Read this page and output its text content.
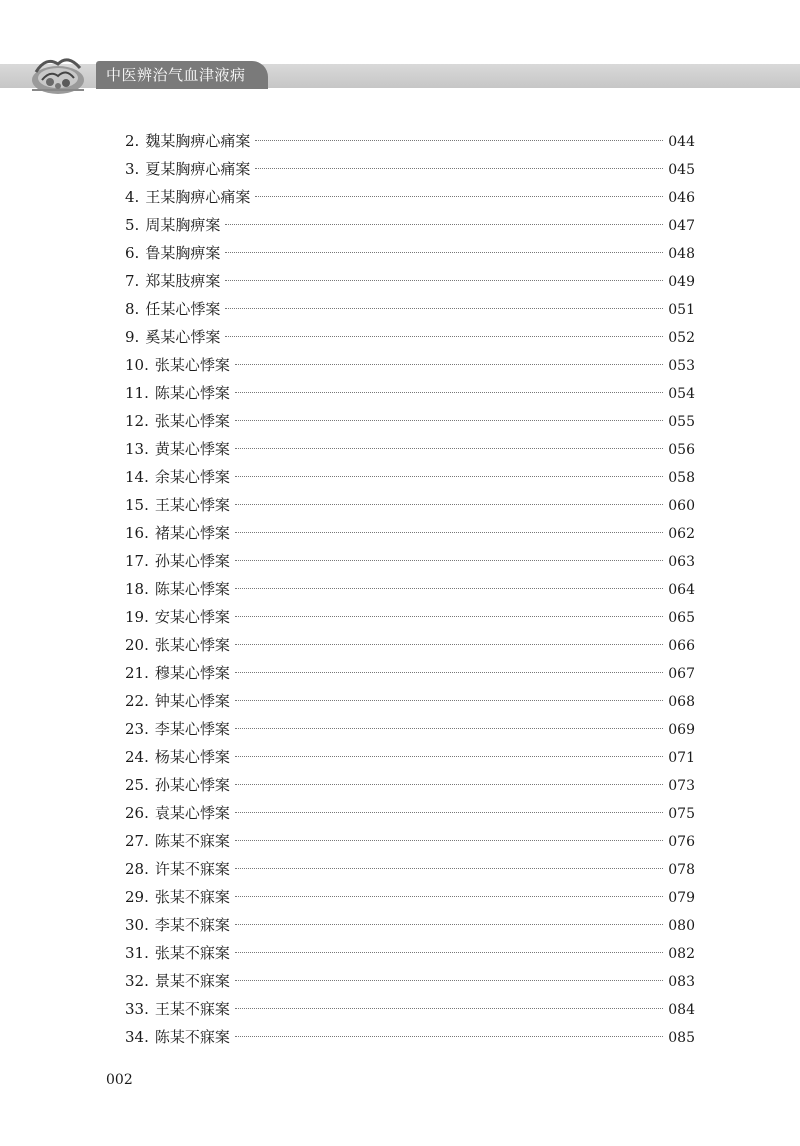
中医辨治气血津液病
2. 魏某胸痹心痛案	044
3. 夏某胸痹心痛案	045
4. 王某胸痹心痛案	046
5. 周某胸痹案	047
6. 鲁某胸痹案	048
7. 郑某肢痹案	049
8. 任某心悸案	051
9. 奚某心悸案	052
10. 张某心悸案	053
11. 陈某心悸案	054
12. 张某心悸案	055
13. 黄某心悸案	056
14. 余某心悸案	058
15. 王某心悸案	060
16. 褚某心悸案	062
17. 孙某心悸案	063
18. 陈某心悸案	064
19. 安某心悸案	065
20. 张某心悸案	066
21. 穆某心悸案	067
22. 钟某心悸案	068
23. 李某心悸案	069
24. 杨某心悸案	071
25. 孙某心悸案	073
26. 袁某心悸案	075
27. 陈某不寐案	076
28. 许某不寐案	078
29. 张某不寐案	079
30. 李某不寐案	080
31. 张某不寐案	082
32. 景某不寐案	083
33. 王某不寐案	084
34. 陈某不寐案	085
002
